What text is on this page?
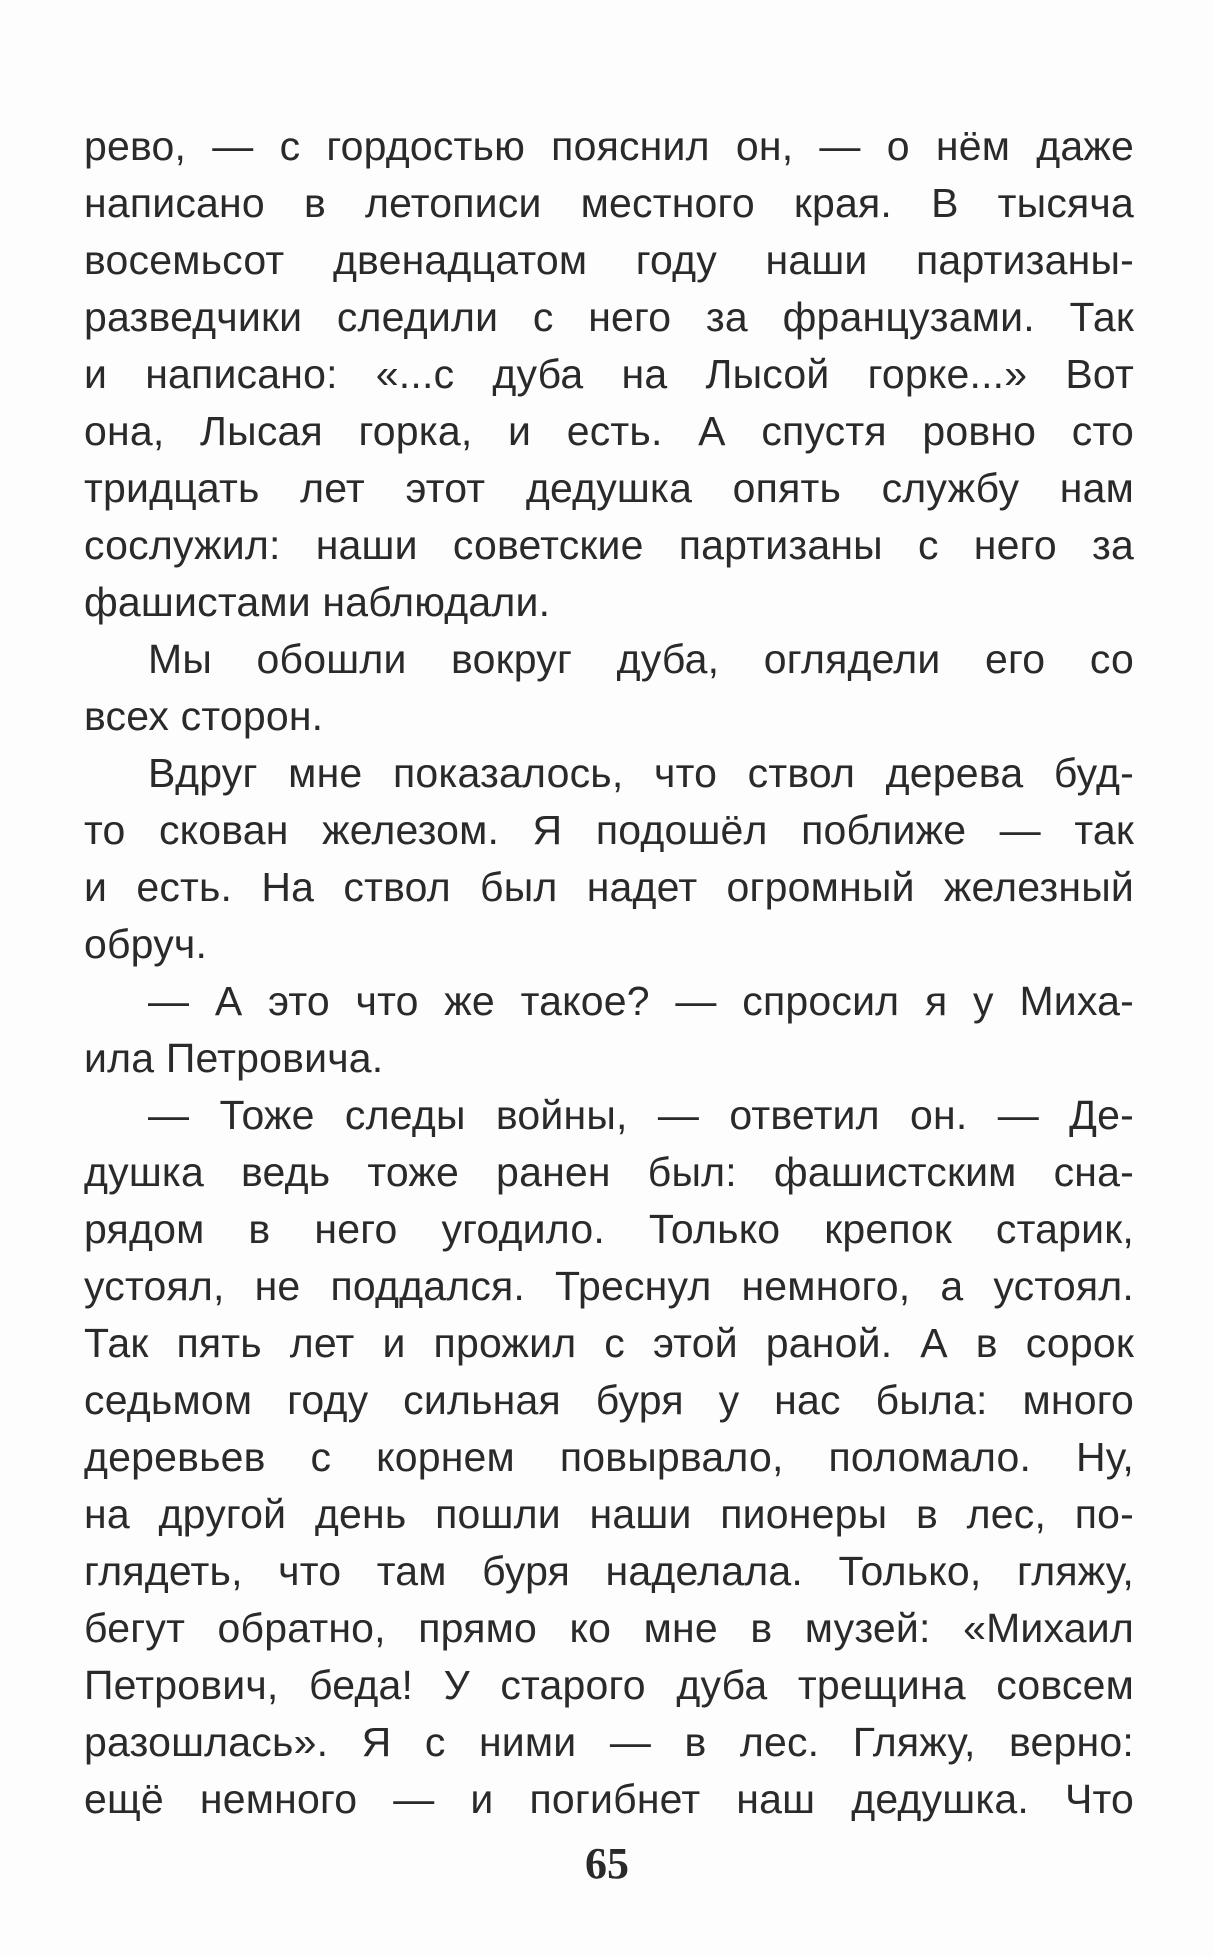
рево, — с гордостью пояснил он, — о нём даже
написано в летописи местного края. В тысяча
восемьсот двенадцатом году наши партизаны-
разведчики следили с него за французами. Так
и написано: «...с дуба на Лысой горке...» Вот
она, Лысая горка, и есть. А спустя ровно сто
тридцать лет этот дедушка опять службу нам
сослужил: наши советские партизаны с него за
фашистами наблюдали.
Мы обошли вокруг дуба, оглядели его со
всех сторон.
Вдруг мне показалось, что ствол дерева буд-
то скован железом. Я подошёл поближе — так
и есть. На ствол был надет огромный железный
обруч.
— А это что же такое? — спросил я у Миха-
ила Петровича.
— Тоже следы войны, — ответил он. — Де-
душка ведь тоже ранен был: фашистским сна-
рядом в него угодило. Только крепок старик,
устоял, не поддался. Треснул немного, а устоял.
Так пять лет и прожил с этой раной. А в сорок
седьмом году сильная буря у нас была: много
деревьев с корнем повырвало, поломало. Ну,
на другой день пошли наши пионеры в лес, по-
глядеть, что там буря наделала. Только, гляжу,
бегут обратно, прямо ко мне в музей: «Михаил
Петрович, беда! У старого дуба трещина совсем
разошлась». Я с ними — в лес. Гляжу, верно:
ещё немного — и погибнет наш дедушка. Что
65
